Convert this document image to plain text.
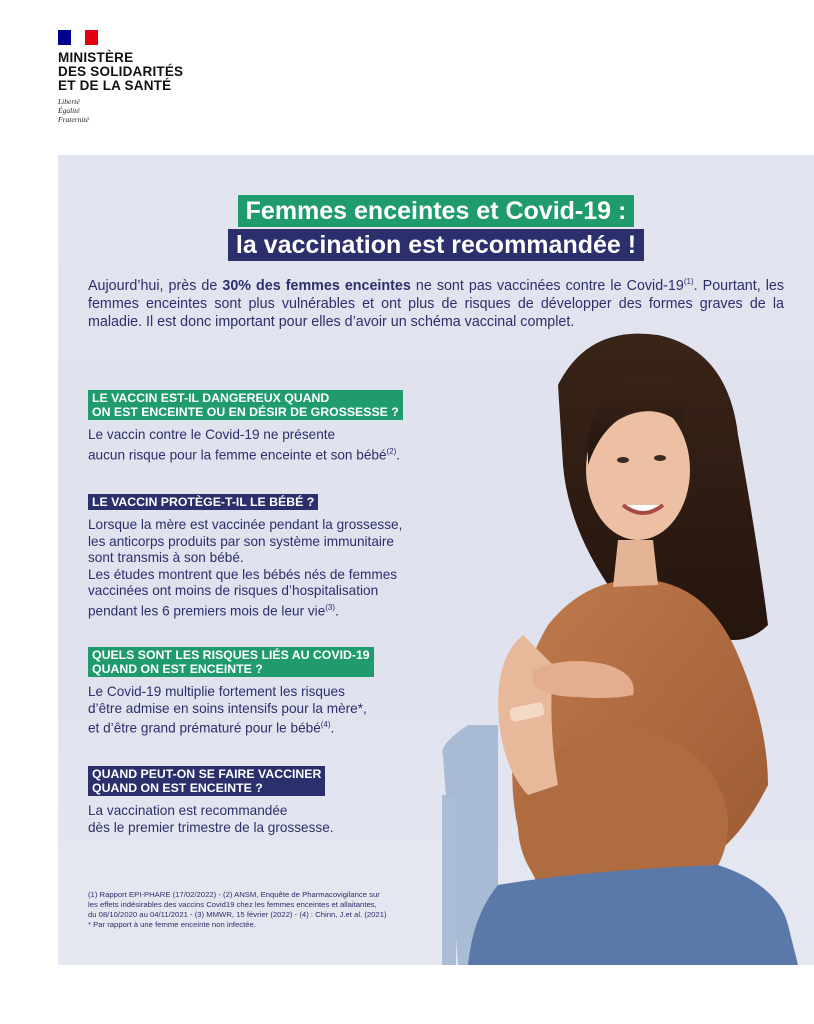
MINISTÈRE
DES SOLIDARITÉS
ET DE LA SANTÉ
Liberté
Égalité
Fraternité
Femmes enceintes et Covid-19 :
la vaccination est recommandée !
Aujourd’hui, près de 30% des femmes enceintes ne sont pas vaccinées contre le Covid-19$^{(1)}$. Pourtant, les femmes enceintes sont plus vulnérables et ont plus de risques de développer des formes graves de la maladie. Il est donc important pour elles d’avoir un schéma vaccinal complet.
LE VACCIN EST-IL DANGEREUX QUAND
ON EST ENCEINTE OU EN DÉSIR DE GROSSESSE ?
Le vaccin contre le Covid-19 ne présente
aucun risque pour la femme enceinte et son bébé$^{(2)}$.
LE VACCIN PROTÈGE-T-IL LE BÉBÉ ?
Lorsque la mère est vaccinée pendant la grossesse,
les anticorps produits par son système immunitaire
sont transmis à son bébé.
Les études montrent que les bébés nés de femmes
vaccinées ont moins de risques d’hospitalisation
pendant les 6 premiers mois de leur vie$^{(3)}$.
QUELS SONT LES RISQUES LIÉS AU COVID-19
QUAND ON EST ENCEINTE ?
Le Covid-19 multiplie fortement les risques
d’être admise en soins intensifs pour la mère*,
et d’être grand prématuré pour le bébé$^{(4)}$.
QUAND PEUT-ON SE FAIRE VACCINER
QUAND ON EST ENCEINTE ?
La vaccination est recommandée
dès le premier trimestre de la grossesse.
(1) Rapport EPI-PHARE (17/02/2022) - (2) ANSM, Enquête de Pharmacovigilance sur
les effets indésirables des vaccins Covid19 chez les femmes enceintes et allaitantes,
du 08/10/2020 au 04/11/2021 - (3) MMWR, 15 février (2022) - (4) : Chinn, J.et al. (2021)
* Par rapport à une femme enceinte non infectée.
